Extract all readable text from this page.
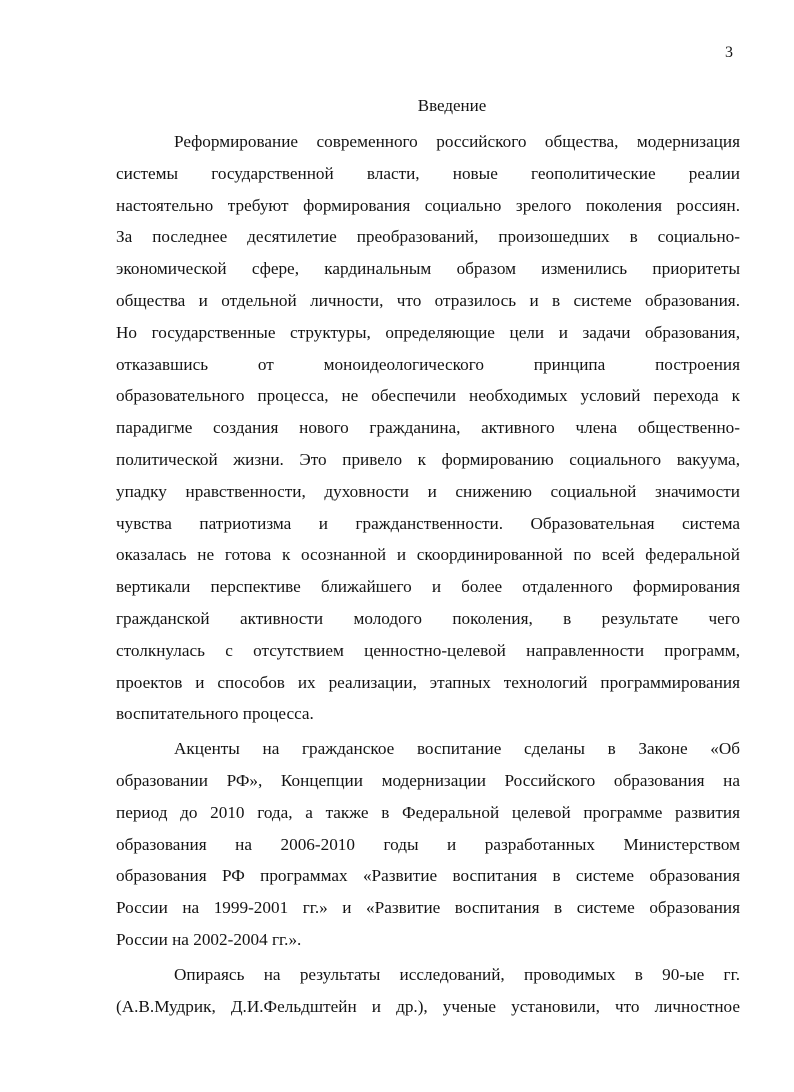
3
Введение
Реформирование современного российского общества, модернизация
системы государственной власти, новые геополитические реалии
настоятельно требуют формирования социально зрелого поколения россиян.
За последнее десятилетие преобразований, произошедших в социально-
экономической сфере, кардинальным образом изменились приоритеты
общества и отдельной личности, что отразилось и в системе образования.
Но государственные структуры, определяющие цели и задачи образования,
отказавшись от моноидеологического принципа построения
образовательного процесса, не обеспечили необходимых условий перехода к
парадигме создания нового гражданина, активного члена общественно-
политической жизни. Это привело к формированию социального вакуума,
упадку нравственности, духовности и снижению социальной значимости
чувства патриотизма и гражданственности. Образовательная система
оказалась не готова к осознанной и скоординированной по всей федеральной
вертикали перспективе ближайшего и более отдаленного формирования
гражданской активности молодого поколения, в результате чего
столкнулась с отсутствием ценностно-целевой направленности программ,
проектов и способов их реализации, этапных технологий программирования
воспитательного процесса.
Акценты на гражданское воспитание сделаны в Законе «Об
образовании РФ», Концепции модернизации Российского образования на
период до 2010 года, а также в Федеральной целевой программе развития
образования на 2006-2010 годы и разработанных Министерством
образования РФ программах «Развитие воспитания в системе образования
России на 1999-2001 гг.» и «Развитие воспитания в системе образования
России на 2002-2004 гг.».
Опираясь на результаты исследований, проводимых в 90-ые гг.
(А.В.Мудрик, Д.И.Фельдштейн и др.), ученые установили, что личностное
